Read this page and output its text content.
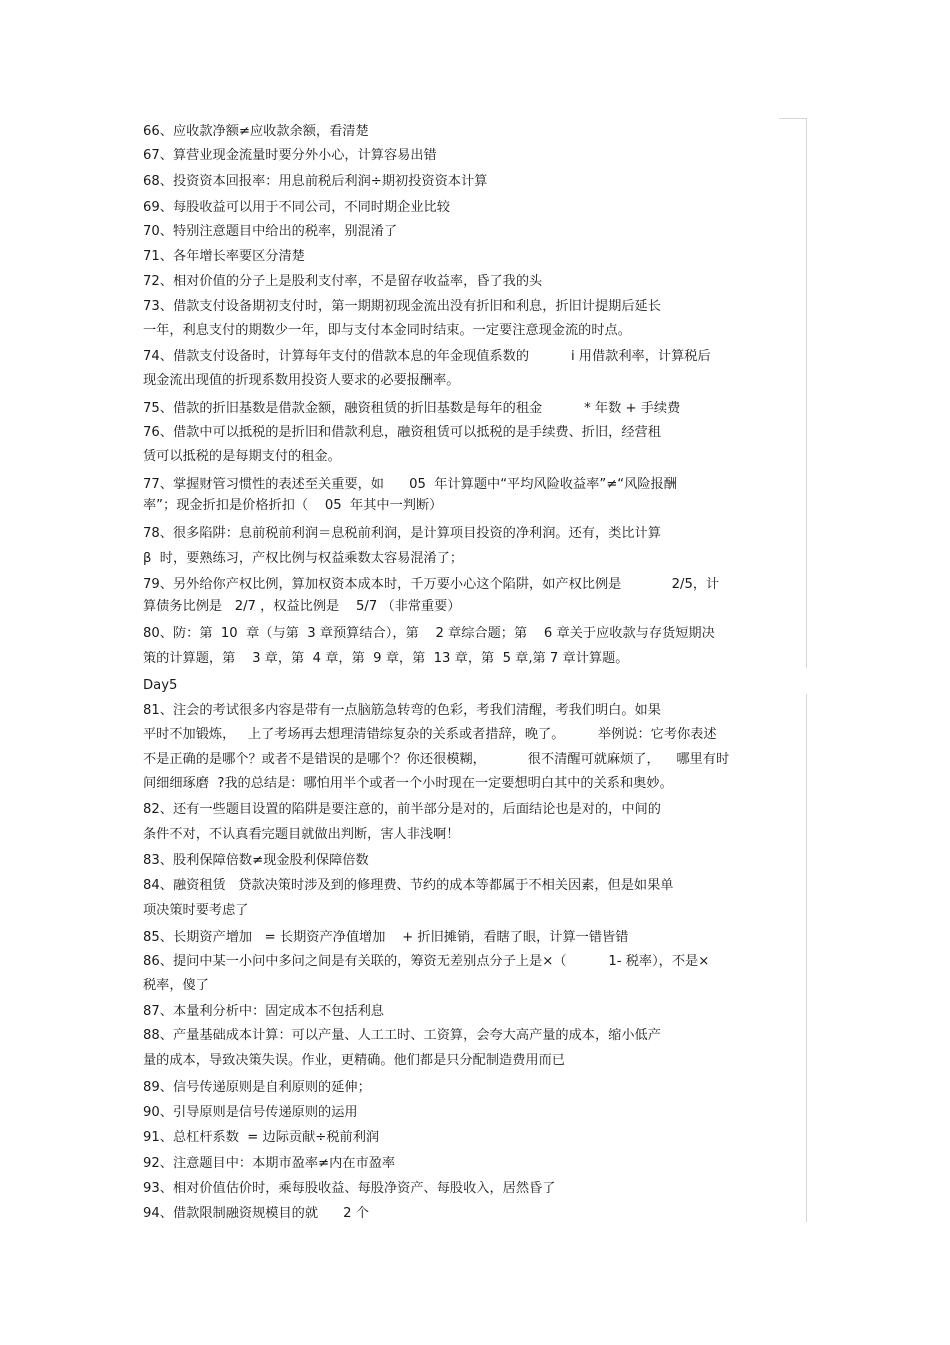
66、应收款净额≠应收款余额，看清楚
67、算营业现金流量时要分外小心，计算容易出错
68、投资资本回报率：用息前税后利润÷期初投资资本计算
69、每股收益可以用于不同公司，不同时期企业比较
70、特别注意题目中给出的税率，别混淆了
71、各年增长率要区分清楚
72、相对价值的分子上是股利支付率，不是留存收益率，昏了我的头
73、借款支付设备期初支付时，第一期期初现金流出没有折旧和利息，折旧计提期后延长
一年，利息支付的期数少一年，即与支付本金同时结束。一定要注意现金流的时点。
74、借款支付设备时，计算每年支付的借款本息的年金现值系数的          i 用借款利率，计算税后
现金流出现值的折现系数用投资人要求的必要报酬率。
75、借款的折旧基数是借款金额，融资租赁的折旧基数是每年的租金          * 年数 + 手续费
76、借款中可以抵税的是折旧和借款利息，融资租赁可以抵税的是手续费、折旧，经营租
赁可以抵税的是每期支付的租金。
77、掌握财管习惯性的表述至关重要，如      05  年计算题中“平均风险收益率”≠“风险报酬
率”；现金折扣是价格折扣（    05  年其中一判断）
78、很多陷阱：息前税前利润＝息税前利润，是计算项目投资的净利润。还有，类比计算
β  时，要熟练习，产权比例与权益乘数太容易混淆了；
79、另外给你产权比例，算加权资本成本时，千万要小心这个陷阱，如产权比例是            2/5，计
算债务比例是   2/7 ，权益比例是    5/7 （非常重要）
80、防：第  10  章（与第  3 章预算结合），第    2 章综合题；第    6 章关于应收款与存货短期决
策的计算题，第    3 章，第  4 章，第  9 章，第  13 章，第  5 章,第 7 章计算题。
Day5
81、注会的考试很多内容是带有一点脑筋急转弯的色彩，考我们清醒，考我们明白。如果
平时不加锻炼，   上了考场再去想理清错综复杂的关系或者措辞，晚了。        举例说：它考你表述
不是正确的是哪个？或者不是错误的是哪个？你还很模糊，          很不清醒可就麻烦了，    哪里有时
间细细琢磨  ?我的总结是：哪怕用半个或者一个小时现在一定要想明白其中的关系和奥妙。
82、还有一些题目设置的陷阱是要注意的，前半部分是对的，后面结论也是对的，中间的
条件不对，不认真看完题目就做出判断，害人非浅啊！
83、股利保障倍数≠现金股利保障倍数
84、融资租赁   贷款决策时涉及到的修理费、节约的成本等都属于不相关因素，但是如果单
项决策时要考虑了
85、长期资产增加   = 长期资产净值增加    + 折旧摊销，看瞎了眼，计算一错皆错
86、提问中某一小问中多问之间是有关联的，筹资无差别点分子上是×（          1- 税率），不是×
税率，傻了
87、本量利分析中：固定成本不包括利息
88、产量基础成本计算：可以产量、人工工时、工资算，会夸大高产量的成本，缩小低产
量的成本，导致决策失误。作业，更精确。他们都是只分配制造费用而已
89、信号传递原则是自利原则的延伸；
90、引导原则是信号传递原则的运用
91、总杠杆系数  = 边际贡献÷税前利润
92、注意题目中：本期市盈率≠内在市盈率
93、相对价值估价时，乘每股收益、每股净资产、每股收入，居然昏了
94、借款限制融资规模目的就      2 个
